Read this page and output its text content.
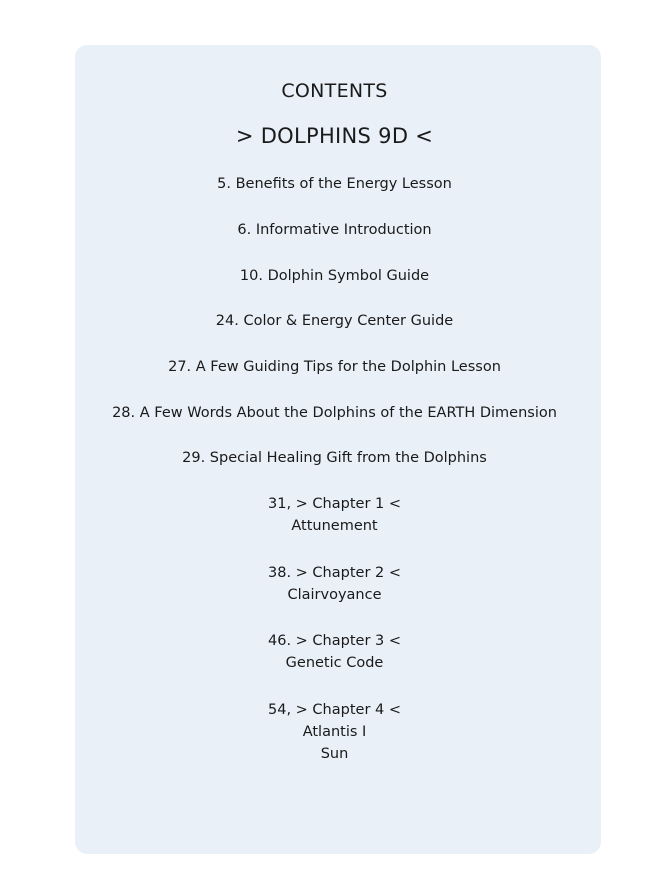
CONTENTS
> DOLPHINS 9D <
5. Benefits of the Energy Lesson
6. Informative Introduction
10. Dolphin Symbol Guide
24. Color & Energy Center Guide
27. A Few Guiding Tips for the Dolphin Lesson
28. A Few Words About the Dolphins of the EARTH Dimension
29. Special Healing Gift from the Dolphins
31, > Chapter 1 <
Attunement
38. > Chapter 2 <
Clairvoyance
46. > Chapter 3 <
Genetic Code
54, > Chapter 4 <
Atlantis I
Sun
